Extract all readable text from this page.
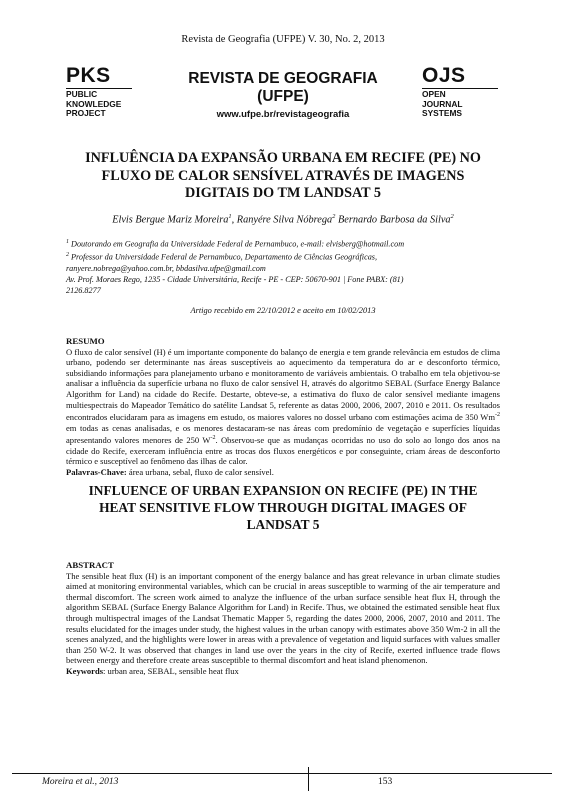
Revista de Geografia (UFPE) V. 30, No. 2, 2013
PKS
PUBLIC
KNOWLEDGE
PROJECT
REVISTA DE GEOGRAFIA
(UFPE)
www.ufpe.br/revistageografia
OJS
OPEN
JOURNAL
SYSTEMS
INFLUÊNCIA DA EXPANSÃO URBANA EM RECIFE (PE) NO
FLUXO DE CALOR SENSÍVEL ATRAVÉS DE IMAGENS
DIGITAIS DO TM LANDSAT 5
Elvis Bergue Mariz Moreira$^1$, Ranyére Silva Nóbrega$^2$ Bernardo Barbosa da Silva$^2$
$^1$ Doutorando em Geografia da Universidade Federal de Pernambuco, e-mail: elvisberg@hotmail.com
$^2$ Professor da Universidade Federal de Pernambuco, Departamento de Ciências Geográficas,
ranyere.nobrega@yahoo.com.br, bbdasilva.ufpe@gmail.com
Av. Prof. Moraes Rego, 1235 - Cidade Universitária, Recife - PE - CEP: 50670-901 | Fone PABX: (81)
2126.8277
Artigo recebido em 22/10/2012 e aceito em 10/02/2013
RESUMO
O fluxo de calor sensível (H) é um importante componente do balanço de energia e tem grande relevância em estudos de clima urbano, podendo ser determinante nas áreas susceptíveis ao aquecimento da temperatura do ar e desconforto térmico, subsidiando informações para planejamento urbano e monitoramento de variáveis ambientais. O trabalho em tela objetivou-se analisar a influência da superfície urbana no fluxo de calor sensível H, através do algoritmo SEBAL (Surface Energy Balance Algorithm for Land) na cidade do Recife. Destarte, obteve-se, a estimativa do fluxo de calor sensível mediante imagens multiespectrais do Mapeador Temático do satélite Landsat 5, referente as datas 2000, 2006, 2007, 2010 e 2011. Os resultados encontrados elucidaram para as imagens em estudo, os maiores valores no dossel urbano com estimações acima de 350 $Wm^{-2}$ em todas as cenas analisadas, e os menores destacaram-se nas áreas com predomínio de vegetação e superfícies líquidas apresentando valores menores de 250 $W^{-2}$. Observou-se que as mudanças ocorridas no uso do solo ao longo dos anos na cidade do Recife, exerceram influência entre as trocas dos fluxos energéticos e por conseguinte, criam áreas de desconforto térmico e susceptível ao fenômeno das ilhas de calor.
Palavras-Chave: área urbana, sebal, fluxo de calor sensível.
INFLUENCE OF URBAN EXPANSION ON RECIFE (PE) IN THE
HEAT SENSITIVE FLOW THROUGH DIGITAL IMAGES OF
LANDSAT 5
ABSTRACT
The sensible heat flux (H) is an important component of the energy balance and has great relevance in urban climate studies aimed at monitoring environmental variables, which can be crucial in areas susceptible to warming of the air temperature and thermal discomfort. The screen work aimed to analyze the influence of the urban surface sensible heat flux H, through the algorithm SEBAL (Surface Energy Balance Algorithm for Land) in Recife. Thus, we obtained the estimated sensible heat flux through multispectral images of the Landsat Thematic Mapper 5, regarding the dates 2000, 2006, 2007, 2010 and 2011. The results elucidated for the images under study, the highest values in the urban canopy with estimates above 350 Wm-2 in all the scenes analyzed, and the highlights were lower in areas with a prevalence of vegetation and liquid surfaces with values smaller than 250 W-2. It was observed that changes in land use over the years in the city of Recife, exerted influence trade flows between energy and therefore create areas susceptible to thermal discomfort and heat island phenomenon.
Keywords: urban area, SEBAL, sensible heat flux
Moreira et al., 2013	153
